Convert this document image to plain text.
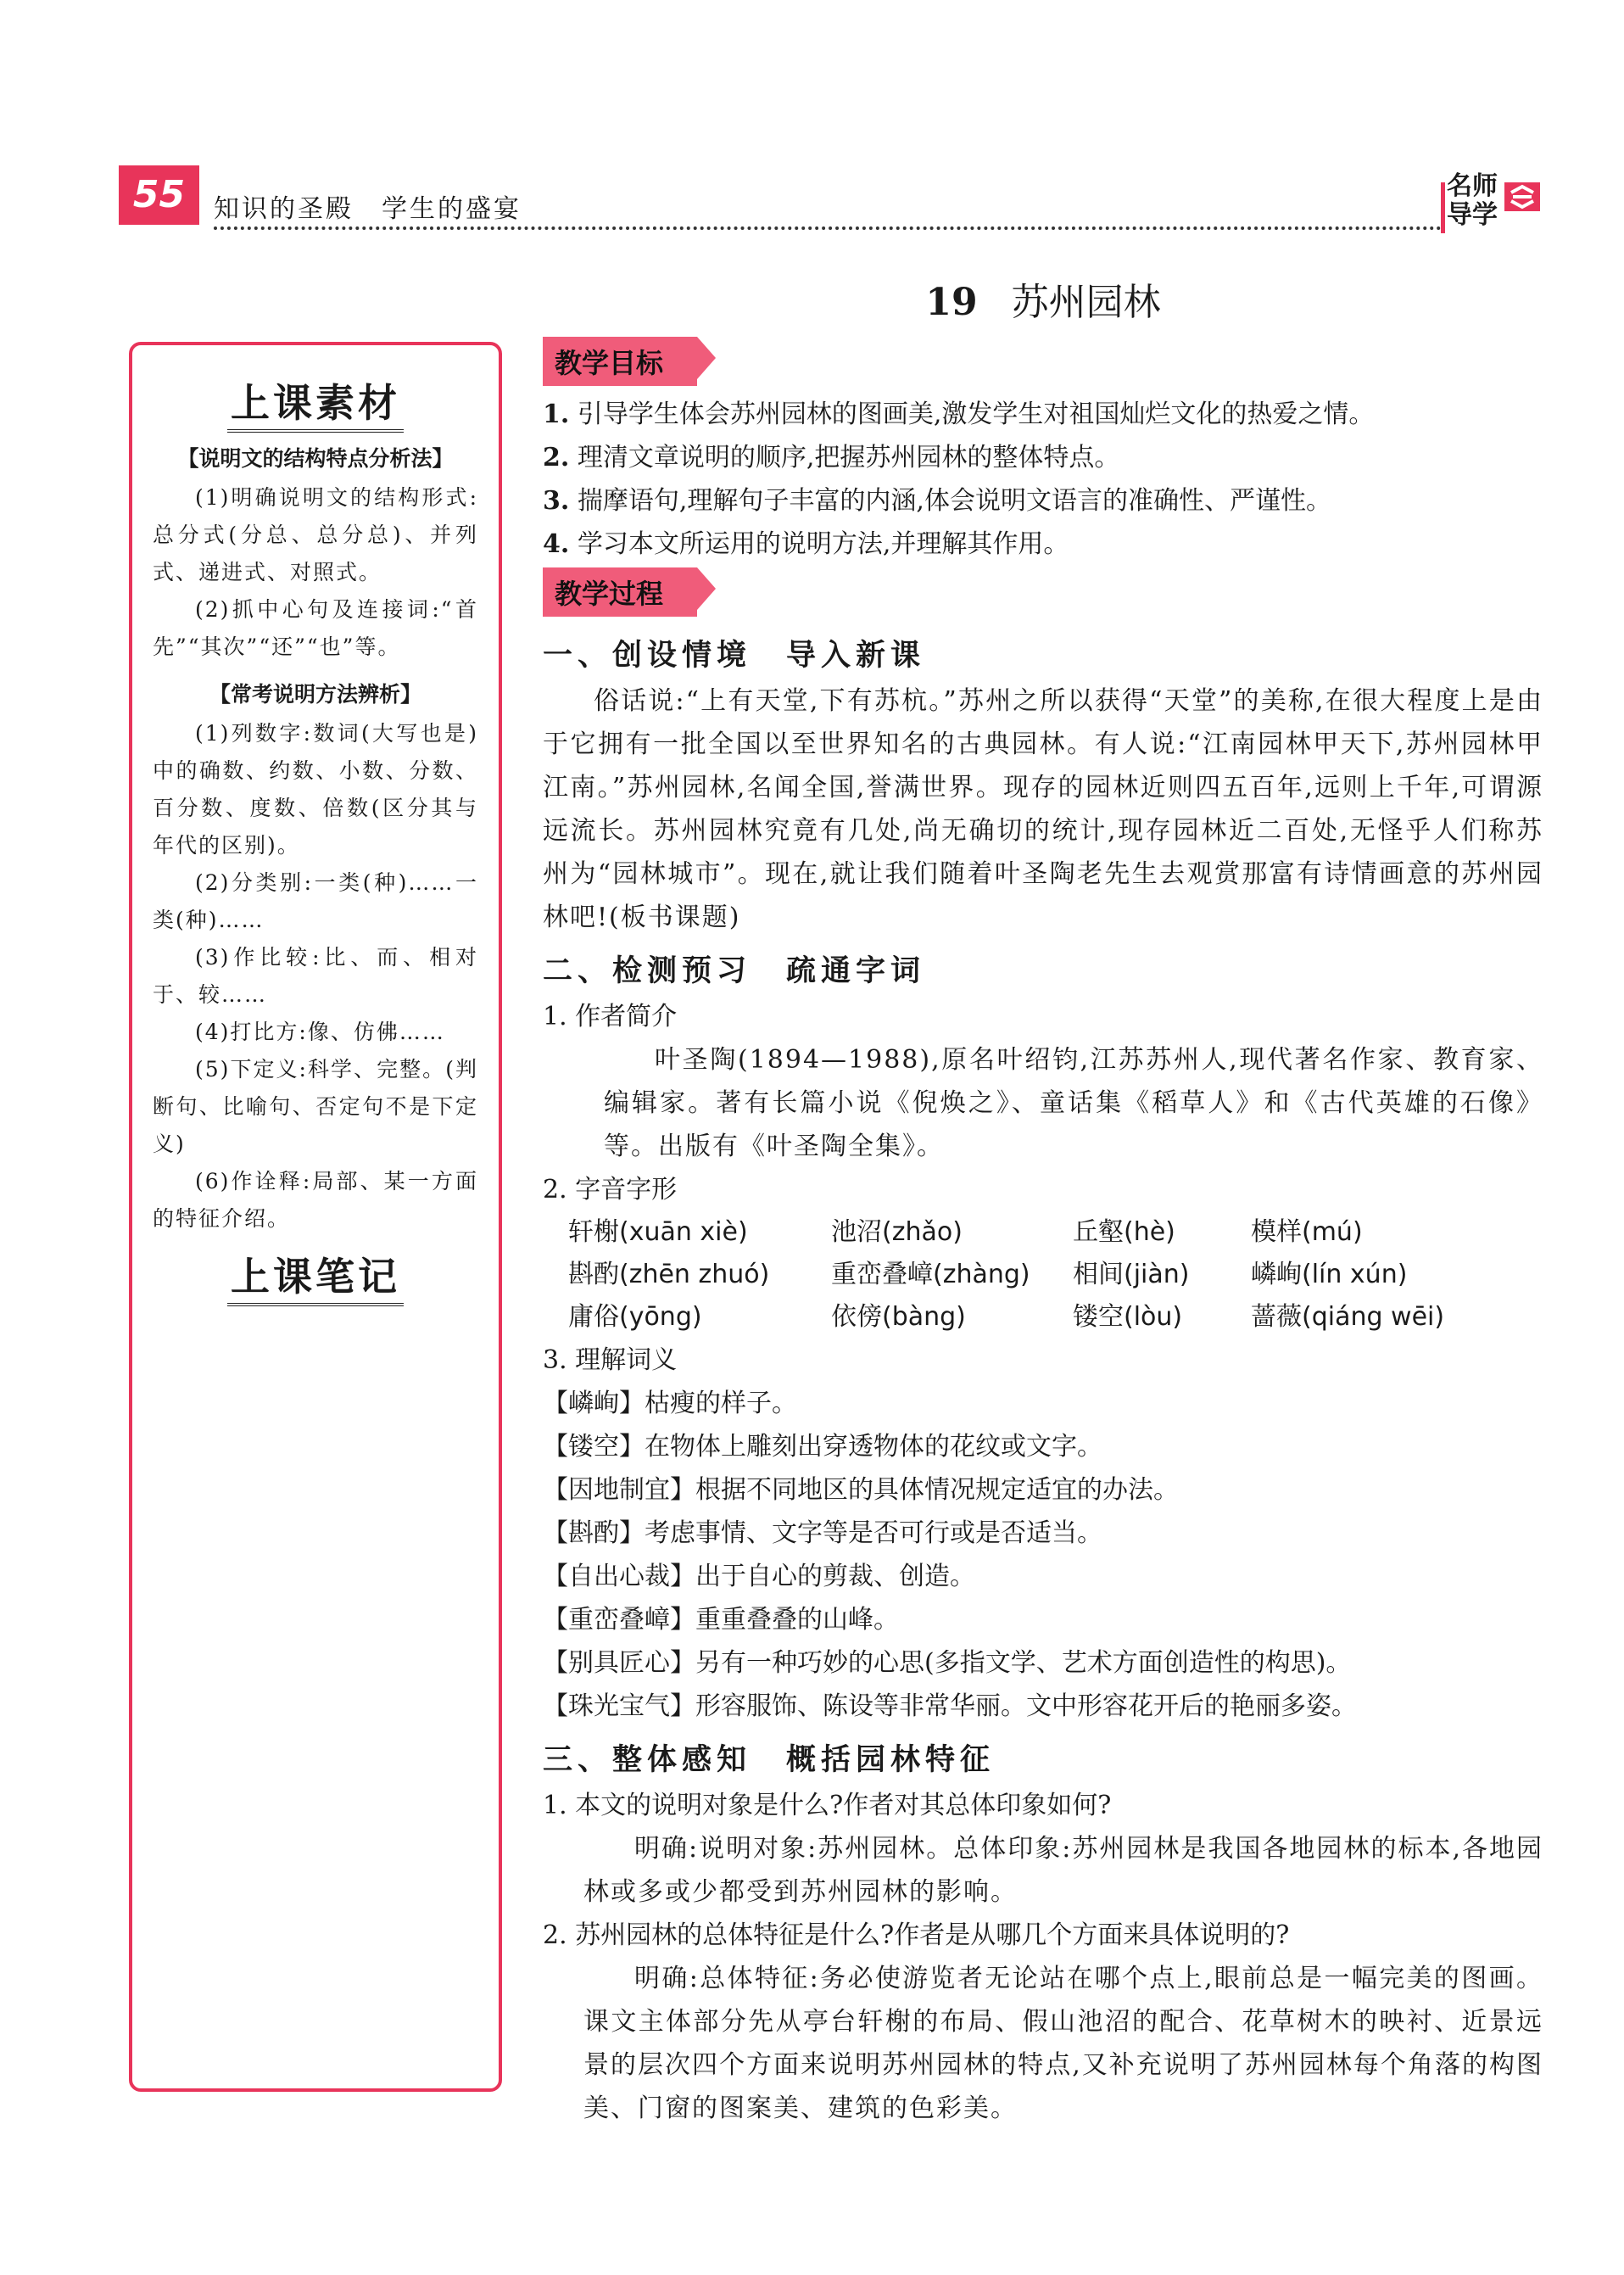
55	知识的圣殿　学生的盛宴
名师导学
19 苏州园林
上课素材
【说明文的结构特点分析法】

(1)明确说明文的结构形式:总分式(分总、总分总)、并列式、递进式、对照式。

(2)抓中心句及连接词:“首先”“其次”“还”“也”等。

【常考说明方法辨析】

(1)列数字:数词(大写也是)中的确数、约数、小数、分数、百分数、度数、倍数(区分其与年代的区别)。

(2)分类别:一类(种)……一类(种)……

(3)作比较:比、而、相对于、较……

(4)打比方:像、仿佛……

(5)下定义:科学、完整。(判断句、比喻句、否定句不是下定义)

(6)作诠释:局部、某一方面的特征介绍。

上课笔记
教学目标

1. 引导学生体会苏州园林的图画美,激发学生对祖国灿烂文化的热爱之情。

2. 理清文章说明的顺序,把握苏州园林的整体特点。

3. 揣摩语句,理解句子丰富的内涵,体会说明文语言的准确性、严谨性。

4. 学习本文所运用的说明方法,并理解其作用。

教学过程
一、创设情境　导入新课

俗话说:“上有天堂,下有苏杭。”苏州之所以获得“天堂”的美称,在很大程度上是由于它拥有一批全国以至世界知名的古典园林。有人说:“江南园林甲天下,苏州园林甲江南。”苏州园林,名闻全国,誉满世界。现存的园林近则四五百年,远则上千年,可谓源远流长。苏州园林究竟有几处,尚无确切的统计,现存园林近二百处,无怪乎人们称苏州为“园林城市”。现在,就让我们随着叶圣陶老先生去观赏那富有诗情画意的苏州园林吧!(板书课题)

二、检测预习　疏通字词

1. 作者简介

叶圣陶(1894—1988),原名叶绍钧,江苏苏州人,现代著名作家、教育家、编辑家。著有长篇小说《倪焕之》、童话集《稻草人》和《古代英雄的石像》等。出版有《叶圣陶全集》。

2. 字音字形

轩榭(xuān xiè)	池沼(zhǎo)	丘壑(hè)	模样(mú)
斟酌(zhēn zhuó)	重峦叠嶂(zhàng)	相间(jiàn)	嶙峋(lín xún)
庸俗(yōng)	依傍(bàng)	镂空(lòu)	蔷薇(qiáng wēi)

3. 理解词义

【嶙峋】枯瘦的样子。

【镂空】在物体上雕刻出穿透物体的花纹或文字。

【因地制宜】根据不同地区的具体情况规定适宜的办法。

【斟酌】考虑事情、文字等是否可行或是否适当。

【自出心裁】出于自心的剪裁、创造。

【重峦叠嶂】重重叠叠的山峰。

【别具匠心】另有一种巧妙的心思(多指文学、艺术方面创造性的构思)。

【珠光宝气】形容服饰、陈设等非常华丽。文中形容花开后的艳丽多姿。

三、整体感知　概括园林特征

1. 本文的说明对象是什么?作者对其总体印象如何?

明确:说明对象:苏州园林。总体印象:苏州园林是我国各地园林的标本,各地园林或多或少都受到苏州园林的影响。

2. 苏州园林的总体特征是什么?作者是从哪几个方面来具体说明的?

明确:总体特征:务必使游览者无论站在哪个点上,眼前总是一幅完美的图画。课文主体部分先从亭台轩榭的布局、假山池沼的配合、花草树木的映衬、近景远景的层次四个方面来说明苏州园林的特点,又补充说明了苏州园林每个角落的构图美、门窗的图案美、建筑的色彩美。
